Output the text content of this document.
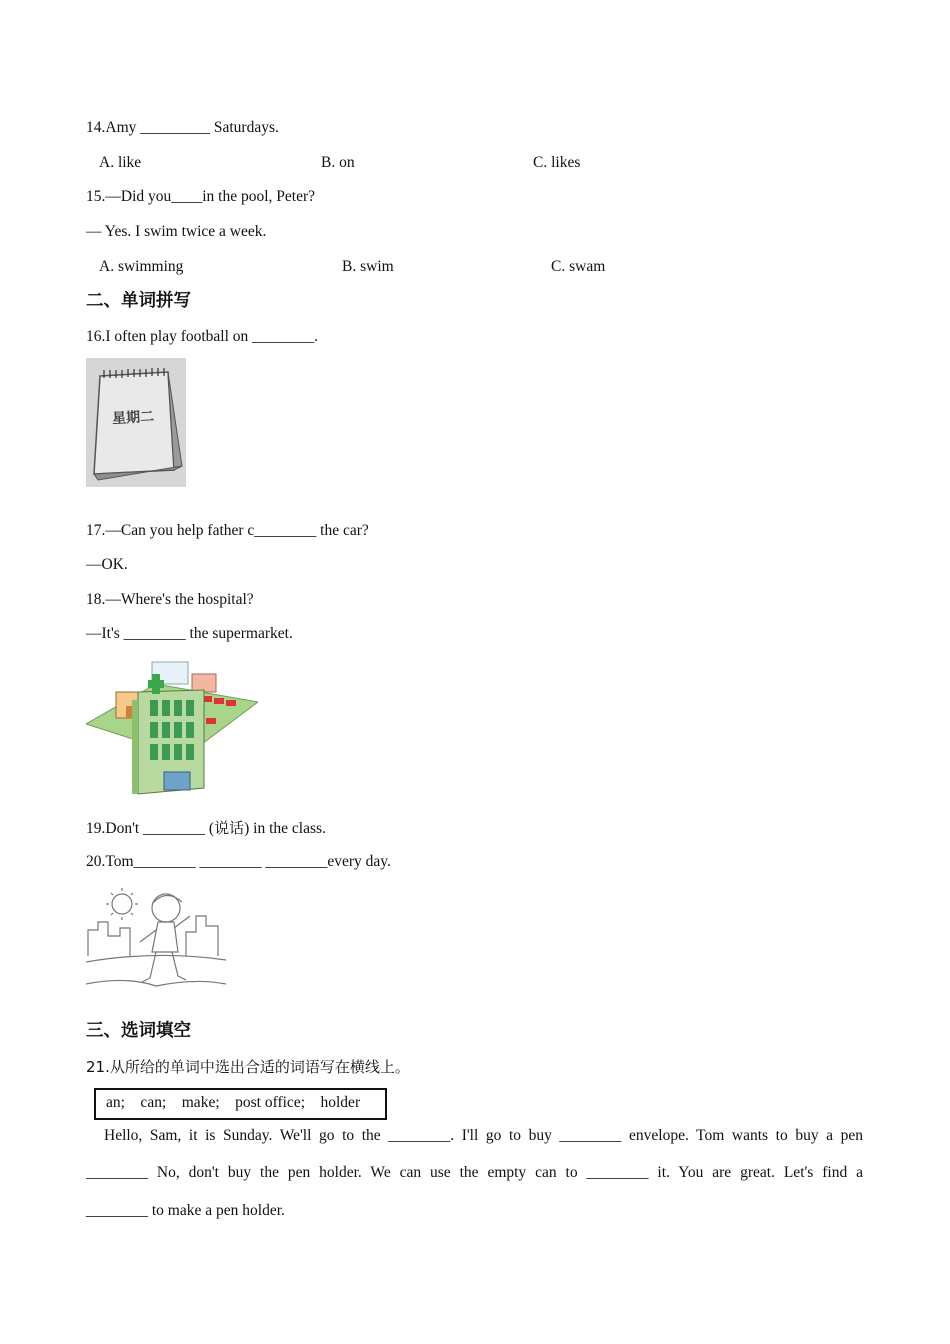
14.Amy _________ Saturdays.
A. like	B. on	C. likes
15.—Did you____in the pool, Peter?
— Yes. I swim twice a week.
A. swimming	B. swim	C. swam
二、单词拼写
16.I often play football on ________.
星期二
17.—Can you help father c________ the car?
—OK.
18.—Where's the hospital?
—It's ________ the supermarket.
19.Don't ________ (说话) in the class.
20.Tom________ ________ ________every day.
三、选词填空
21.从所给的单词中选出合适的词语写在横线上。
an;    can;    make;    post office;    holder
Hello, Sam, it is Sunday. We'll go to the ________. I'll go to buy ________ envelope. Tom wants to buy a pen
________ No, don't buy the pen holder. We can use the empty can to ________ it. You are great. Let's find a
________ to make a pen holder.
